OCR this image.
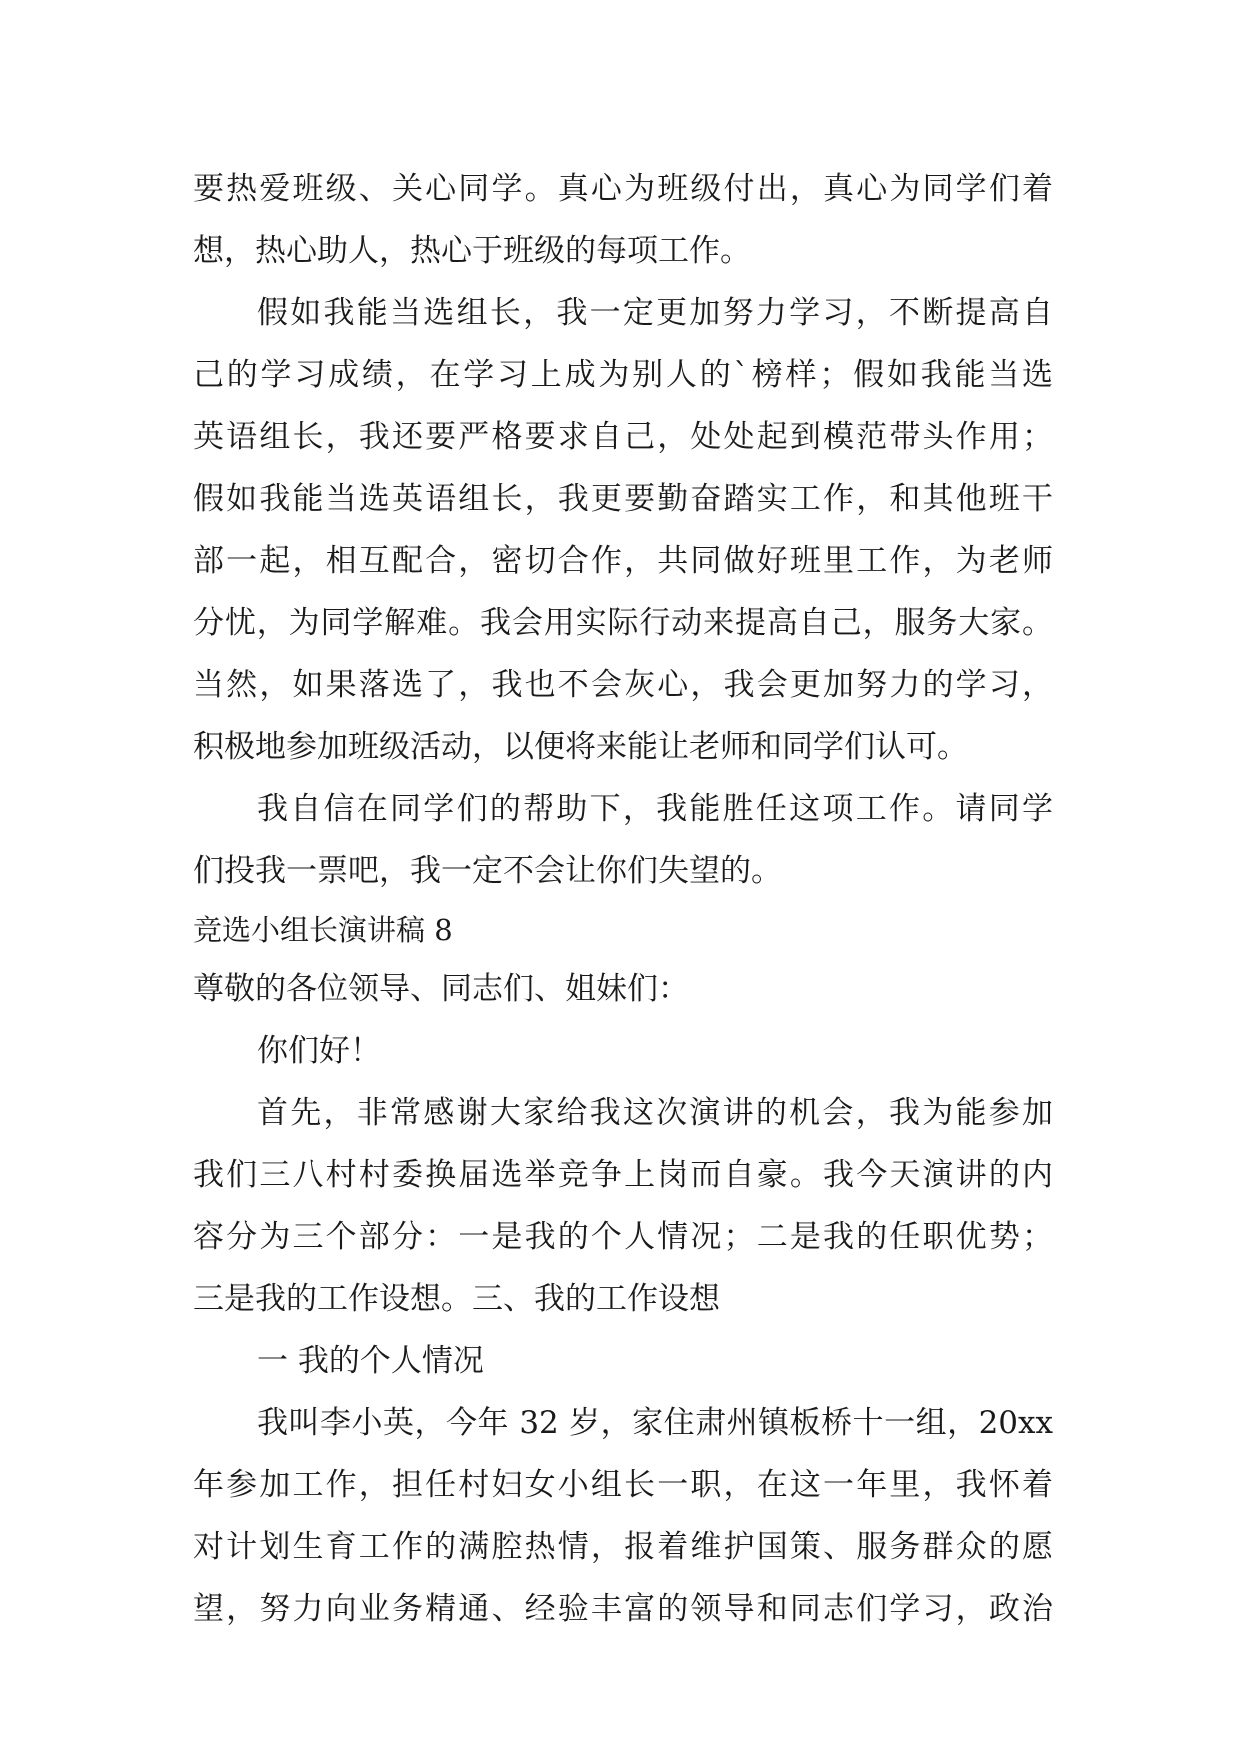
要热爱班级、关心同学。真心为班级付出，真心为同学们着
想，热心助人，热心于班级的每项工作。
假如我能当选组长，我一定更加努力学习，不断提高自
己的学习成绩，在学习上成为别人的`榜样；假如我能当选
英语组长，我还要严格要求自己，处处起到模范带头作用；
假如我能当选英语组长，我更要勤奋踏实工作，和其他班干
部一起，相互配合，密切合作，共同做好班里工作，为老师
分忧，为同学解难。我会用实际行动来提高自己，服务大家。
当然，如果落选了，我也不会灰心，我会更加努力的学习，
积极地参加班级活动，以便将来能让老师和同学们认可。
我自信在同学们的帮助下，我能胜任这项工作。请同学
们投我一票吧，我一定不会让你们失望的。
竞选小组长演讲稿 8
尊敬的各位领导、同志们、姐妹们：
你们好！
首先，非常感谢大家给我这次演讲的机会，我为能参加
我们三八村村委换届选举竞争上岗而自豪。我今天演讲的内
容分为三个部分：一是我的个人情况；二是我的任职优势；
三是我的工作设想。三、我的工作设想
一 我的个人情况
我叫李小英，今年 32 岁，家住肃州镇板桥十一组，20xx
年参加工作，担任村妇女小组长一职，在这一年里，我怀着
对计划生育工作的满腔热情，报着维护国策、服务群众的愿
望，努力向业务精通、经验丰富的领导和同志们学习，政治
